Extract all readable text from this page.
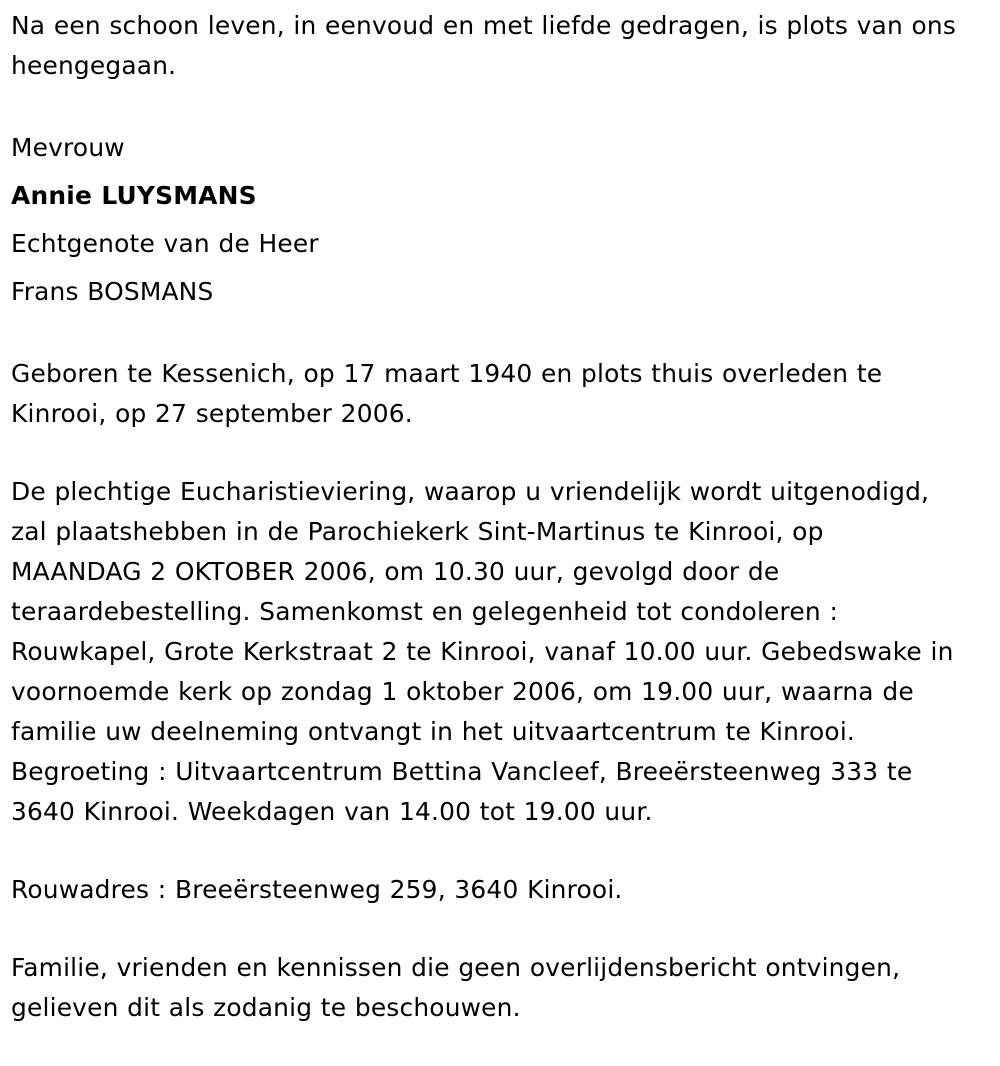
Na een schoon leven, in eenvoud en met liefde gedragen, is plots van ons
heengegaan.

Mevrouw
Annie LUYSMANS
Echtgenote van de Heer
Frans BOSMANS

Geboren te Kessenich, op 17 maart 1940 en plots thuis overleden te
Kinrooi, op 27 september 2006.

De plechtige Eucharistieviering, waarop u vriendelijk wordt uitgenodigd,
zal plaatshebben in de Parochiekerk Sint-Martinus te Kinrooi, op
MAANDAG 2 OKTOBER 2006, om 10.30 uur, gevolgd door de
teraardebestelling. Samenkomst en gelegenheid tot condoleren :
Rouwkapel, Grote Kerkstraat 2 te Kinrooi, vanaf 10.00 uur. Gebedswake in
voornoemde kerk op zondag 1 oktober 2006, om 19.00 uur, waarna de
familie uw deelneming ontvangt in het uitvaartcentrum te Kinrooi.
Begroeting : Uitvaartcentrum Bettina Vancleef, Breeërsteenweg 333 te
3640 Kinrooi. Weekdagen van 14.00 tot 19.00 uur.

Rouwadres : Breeërsteenweg 259, 3640 Kinrooi.

Familie, vrienden en kennissen die geen overlijdensbericht ontvingen,
gelieven dit als zodanig te beschouwen.
